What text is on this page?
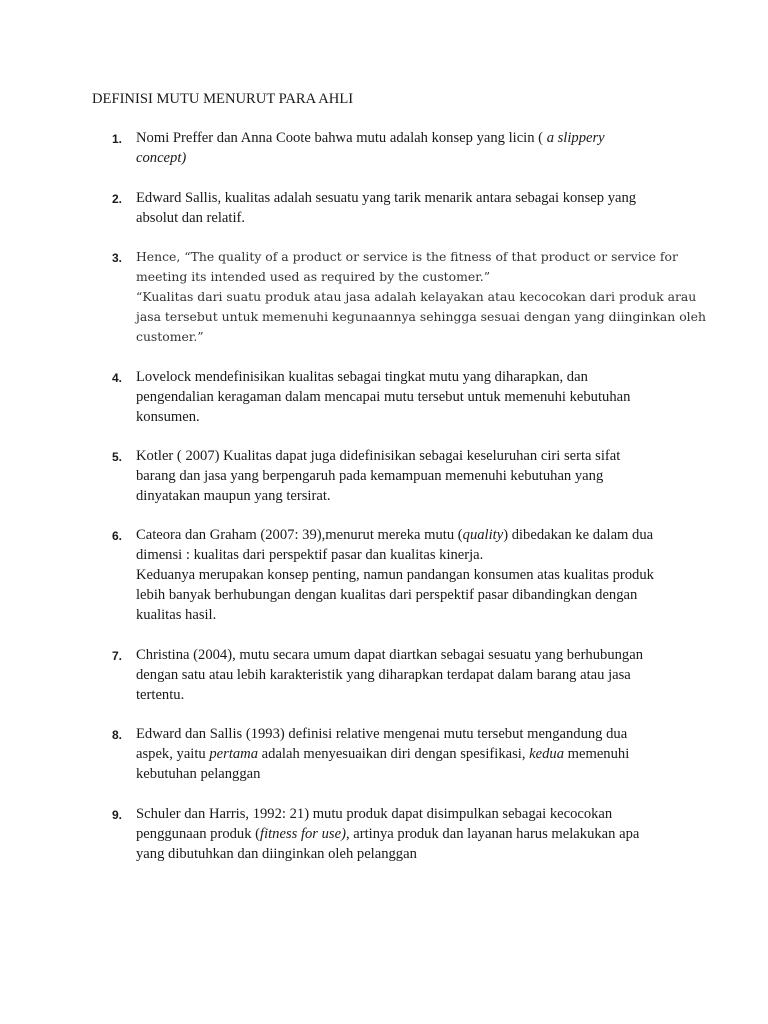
DEFINISI MUTU MENURUT PARA AHLI
1. Nomi Preffer dan Anna Coote bahwa mutu adalah konsep yang licin ( a slippery
concept)
2. Edward Sallis, kualitas adalah sesuatu yang tarik menarik antara sebagai konsep yang
absolut dan relatif.
3. Hence, “The quality of a product or service is the fitness of that product or service for
meeting its intended used as required by the customer.”
“Kualitas dari suatu produk atau jasa adalah kelayakan atau kecocokan dari produk arau
jasa tersebut untuk memenuhi kegunaannya sehingga sesuai dengan yang diinginkan oleh
customer.”
4. Lovelock mendefinisikan kualitas sebagai tingkat mutu yang diharapkan, dan
pengendalian keragaman dalam mencapai mutu tersebut untuk memenuhi kebutuhan
konsumen.
5. Kotler ( 2007) Kualitas dapat juga didefinisikan sebagai keseluruhan ciri serta sifat
barang dan jasa yang berpengaruh pada kemampuan memenuhi kebutuhan yang
dinyatakan maupun yang tersirat.
6. Cateora dan Graham (2007: 39),menurut mereka mutu (quality) dibedakan ke dalam dua
dimensi : kualitas dari perspektif pasar dan kualitas kinerja.
Keduanya merupakan konsep penting, namun pandangan konsumen atas kualitas produk
lebih banyak berhubungan dengan kualitas dari perspektif pasar dibandingkan dengan
kualitas hasil.
7. Christina (2004), mutu secara umum dapat diartkan sebagai sesuatu yang berhubungan
dengan satu atau lebih karakteristik yang diharapkan terdapat dalam barang atau jasa
tertentu.
8. Edward dan Sallis (1993) definisi relative mengenai mutu tersebut mengandung dua
aspek, yaitu pertama adalah menyesuaikan diri dengan spesifikasi, kedua memenuhi
kebutuhan pelanggan
9. Schuler dan Harris, 1992: 21) mutu produk dapat disimpulkan sebagai kecocokan
penggunaan produk (fitness for use), artinya produk dan layanan harus melakukan apa
yang dibutuhkan dan diinginkan oleh pelanggan
